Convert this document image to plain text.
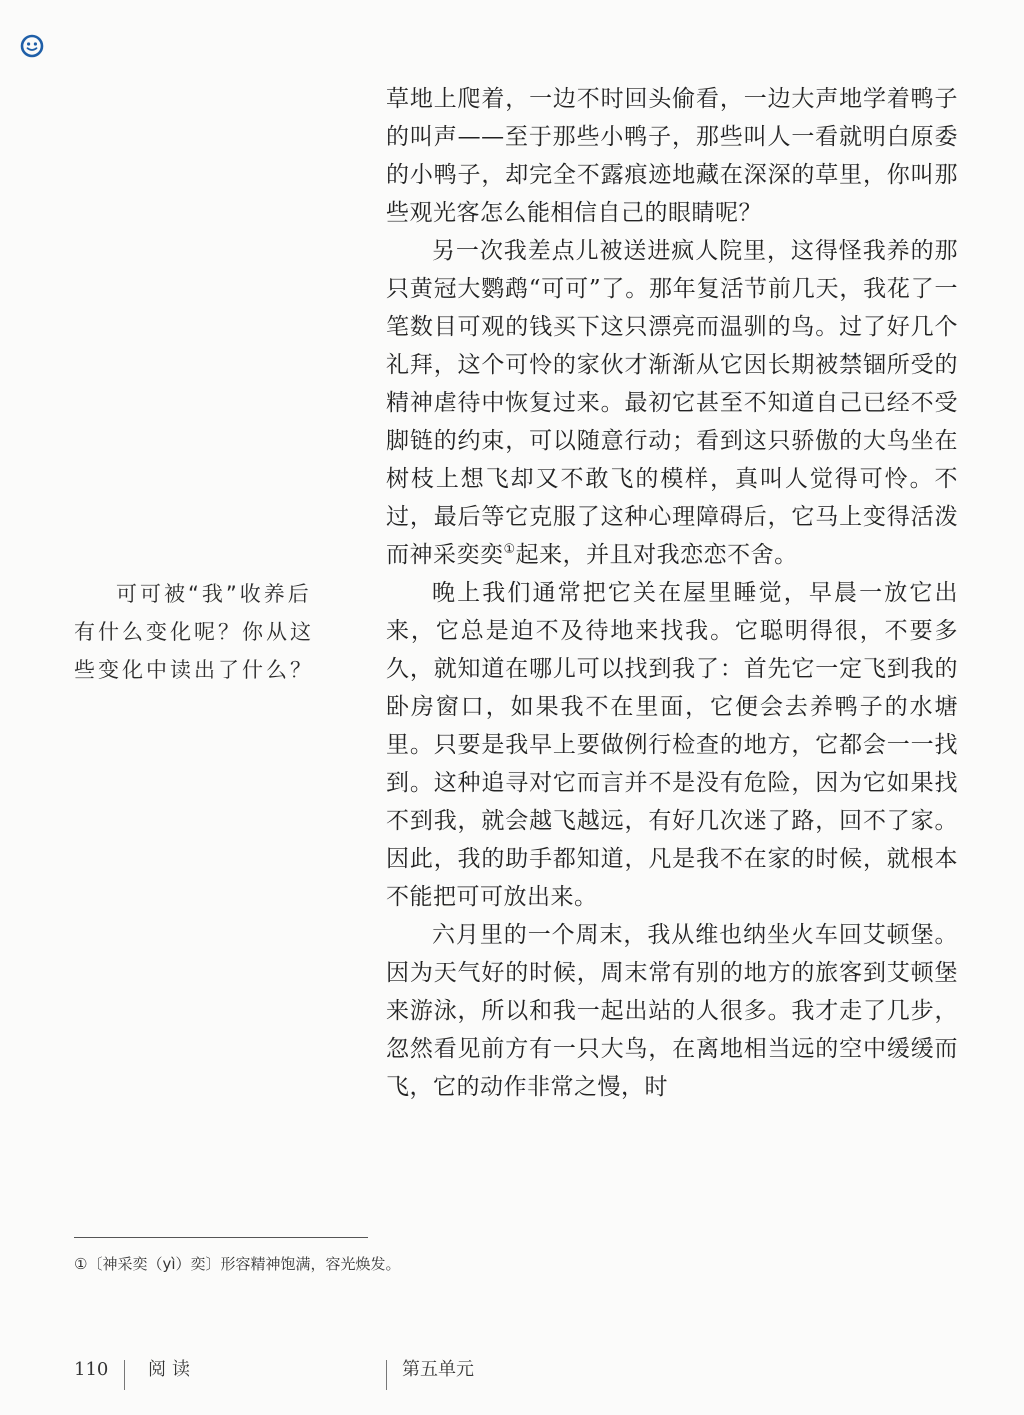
草地上爬着，一边不时回头偷看，一边大声地学着鸭子的叫声——至于那些小鸭子，那些叫人一看就明白原委的小鸭子，却完全不露痕迹地藏在深深的草里，你叫那些观光客怎么能相信自己的眼睛呢？

另一次我差点儿被送进疯人院里，这得怪我养的那只黄冠大鹦鹉“可可”了。那年复活节前几天，我花了一笔数目可观的钱买下这只漂亮而温驯的鸟。过了好几个礼拜，这个可怜的家伙才渐渐从它因长期被禁锢所受的精神虐待中恢复过来。最初它甚至不知道自己已经不受脚链的约束，可以随意行动；看到这只骄傲的大鸟坐在树枝上想飞却又不敢飞的模样，真叫人觉得可怜。不过，最后等它克服了这种心理障碍后，它马上变得活泼而神采奕奕①起来，并且对我恋恋不舍。

晚上我们通常把它关在屋里睡觉，早晨一放它出来，它总是迫不及待地来找我。它聪明得很，不要多久，就知道在哪儿可以找到我了：首先它一定飞到我的卧房窗口，如果我不在里面，它便会去养鸭子的水塘里。只要是我早上要做例行检查的地方，它都会一一找到。这种追寻对它而言并不是没有危险，因为它如果找不到我，就会越飞越远，有好几次迷了路，回不了家。因此，我的助手都知道，凡是我不在家的时候，就根本不能把可可放出来。

六月里的一个周末，我从维也纳坐火车回艾顿堡。因为天气好的时候，周末常有别的地方的旅客到艾顿堡来游泳，所以和我一起出站的人很多。我才走了几步，忽然看见前方有一只大鸟，在离地相当远的空中缓缓而飞，它的动作非常之慢，时

可可被“我”收养后有什么变化呢？你从这些变化中读出了什么？
①〔神采奕（yì）奕〕形容精神饱满，容光焕发。
110 阅读	第五单元
